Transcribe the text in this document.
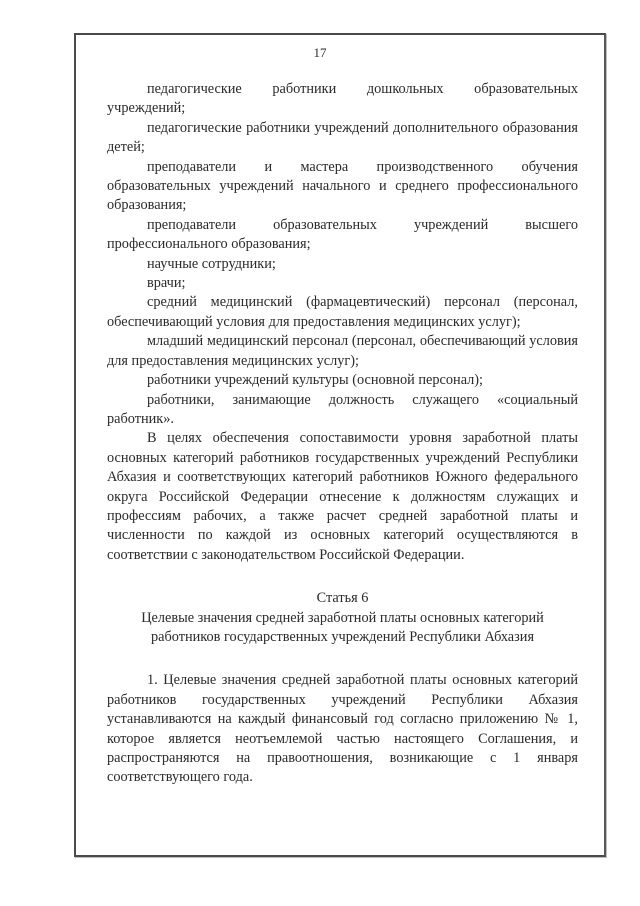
17

педагогические работники дошкольных образовательных учреждений;

педагогические работники учреждений дополнительного образования детей;

преподаватели и мастера производственного обучения образовательных учреждений начального и среднего профессионального образования;

преподаватели образовательных учреждений высшего профессионального образования;

научные сотрудники;

врачи;

средний медицинский (фармацевтический) персонал (персонал, обеспечивающий условия для предоставления медицинских услуг);

младший медицинский персонал (персонал, обеспечивающий условия для предоставления медицинских услуг);

работники учреждений культуры (основной персонал);

работники, занимающие должность служащего «социальный работник».

В целях обеспечения сопоставимости уровня заработной платы основных категорий работников государственных учреждений Республики Абхазия и соответствующих категорий работников Южного федерального округа Российской Федерации отнесение к должностям служащих и профессиям рабочих, а также расчет средней заработной платы и численности по каждой из основных категорий осуществляются в соответствии с законодательством Российской Федерации.

Статья 6

Целевые значения средней заработной платы основных категорий

работников государственных учреждений Республики Абхазия

1. Целевые значения средней заработной платы основных категорий работников государственных учреждений Республики Абхазия устанавливаются на каждый финансовый год согласно приложению № 1, которое является неотъемлемой частью настоящего Соглашения, и распространяются на правоотношения, возникающие с 1 января соответствующего года.
